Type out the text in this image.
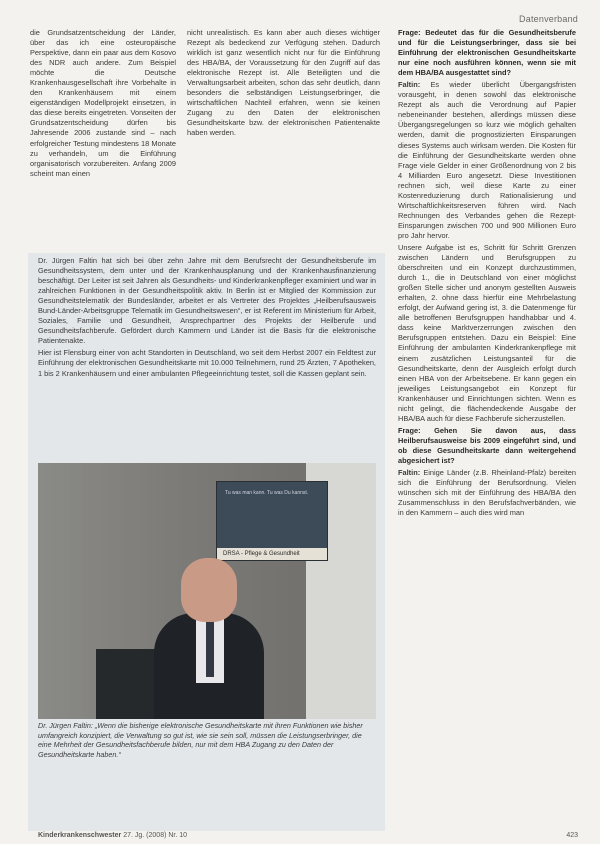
Datenverband

die Grundsatzentscheidung der Länder, über das ich eine osteuropäische Perspektive, dann ein paar aus dem Kosovo des NDR auch andere. Zum Beispiel möchte die Deutsche Krankenhausgesellschaft ihre Vorbehalte in den Krankenhäusern mit einem eigenständigen Modellprojekt einsetzen, in das diese bereits eingetreten. Vonseiten der Grundsatzentscheidung dürfen bis Jahresende 2006 zustande sind – nach erfolgreicher Testung mindestens 18 Monate zu verhandeln, um die Einführung organisatorisch vorzubereiten. Anfang 2009 scheint man einen

nicht unrealistisch. Es kann aber auch dieses wichtiger Rezept als bedeckend zur Verfügung stehen. Dadurch wirklich ist ganz wesentlich nicht nur für die Einführung des HBA/BA, der Voraussetzung für den Zugriff auf das elektronische Rezept ist. Alle Beteiligten und die Verwaltungsarbeit arbeiten, schon das sehr deutlich, dann besonders die selbständigen Leistungserbringer, die wirtschaftlichen Nachteil erfahren, wenn sie keinen Zugang zu den Daten der elektronischen Gesundheitskarte bzw. der elektronischen Patientenakte haben werden.

Frage: Bedeutet das für die Gesundheitsberufe und für die Leistungserbringer, dass sie bei Einführung der elektronischen Gesundheitskarte nur eine noch ausführen können, wenn sie mit dem HBA/BA ausgestattet sind?

Faltin: Es wieder überlicht Übergangsfristen vorausgeht, in denen sowohl das elektronische Rezept als auch die Verordnung auf Papier nebeneinander bestehen, allerdings müssen diese Übergangsregelungen so kurz wie möglich gehalten werden, damit die prognostizierten Einsparungen dieses Systems auch wirksam werden. Die Kosten für die Einführung der Gesundheitskarte werden ohne Frage viele Gelder in einer Größenordnung von 2 bis 4 Milliarden Euro angesetzt. Diese Investitionen rechnen sich, weil diese Karte zu einer Kostenreduzierung durch Rationalisierung und Wirtschaftlichkeitsreserven führen wird. Nach Rechnungen des Verbandes gehen die Rezept-Einsparungen zwischen 700 und 900 Millionen Euro pro Jahr hervor.

Unsere Aufgabe ist es, Schritt für Schritt Grenzen zwischen Ländern und Berufsgruppen zu überschreiten und ein Konzept durchzustimmen, durch 1., die in Deutschland von einer möglichst großen Stelle sicher und anonym gestellten Ausweis erhalten, 2. ohne dass hierfür eine Mehrbelastung erfolgt, der Aufwand gering ist, 3. die Datenmenge für alle betroffenen Berufsgruppen handhabbar und 4. dass keine Marktverzerrungen zwischen den Berufsgruppen entstehen. Dazu ein Beispiel: Eine Einführung der ambulanten Kinderkrankenpflege mit einem zusätzlichen Leistungsanteil für die Gesundheitskarte, denn der Ausgleich erfolgt durch einen HBA von der Arbeitsebene. Er kann gegen ein jeweiliges Leistungsangebot ein Konzept für Krankenhäuser und Einrichtungen sichten. Wenn es nicht gelingt, die flächendeckende Ausgabe der HBA/BA auch für diese Fachberufe sicherzustellen.

Frage: Gehen Sie davon aus, dass Heilberufsausweise bis 2009 eingeführt sind, und ob diese Gesundheitskarte dann weitergehend abgesichert ist?

Faltin: Einige Länder (z.B. Rheinland-Pfalz) bereiten sich die Einführung der Berufsordnung. Vielen wünschen sich mit der Einführung des HBA/BA den Zusammenschluss in den Berufsfachverbänden, wie in den Kammern – auch dies wird man

Dr. Jürgen Faltin hat sich bei über zehn Jahre mit dem Berufsrecht der Gesundheitsberufe im Gesundheitssystem, dem unter und der Krankenhausplanung und der Krankenhausfinanzierung beschäftigt. Der Leiter ist seit Jahren als Gesundheits- und Kinderkrankenpfleger examiniert und war in zahlreichen Funktionen in der Gesundheitspolitik aktiv. In Berlin ist er Mitglied der Kommission zur Gesundheitstelematik der Bundesländer, arbeitet er als Vertreter des Projektes „Heilberufsausweis Bund-Länder-Arbeitsgruppe Telematik im Gesundheitswesen“, er ist Referent im Ministerium für Arbeit, Soziales, Familie und Gesundheit, Ansprechpartner des Projekts der Heilberufe und Gesundheitsfachberufe. Gefördert durch Kammern und Länder ist die Basis für die elektronische Patientenakte.

Hier ist Flensburg einer von acht Standorten in Deutschland, wo seit dem Herbst 2007 ein Feldtest zur Einführung der elektronischen Gesundheitskarte mit 10.000 Teilnehmern, rund 25 Ärzten, 7 Apotheken, 1 bis 2 Krankenhäusern und einer ambulanten Pflegeeinrichtung testet, soll die Kassen geplant sein.

Tu was man kann. Tu was Du kannst.
DRSA - Pflege & Gesundheit
Dr. Jürgen Faltin: „Wenn die bisherige elektronische Gesundheitskarte mit ihren Funktionen wie bisher umfangreich konzipiert, die Verwaltung so gut ist, wie sie sein soll, müssen die Leistungserbringer, die eine Mehrheit der Gesundheitsfachberufe bilden, nur mit dem HBA Zugang zu den Daten der Gesundheitskarte haben.“
Kinderkrankenschwester 27. Jg. (2008) Nr. 10	423
